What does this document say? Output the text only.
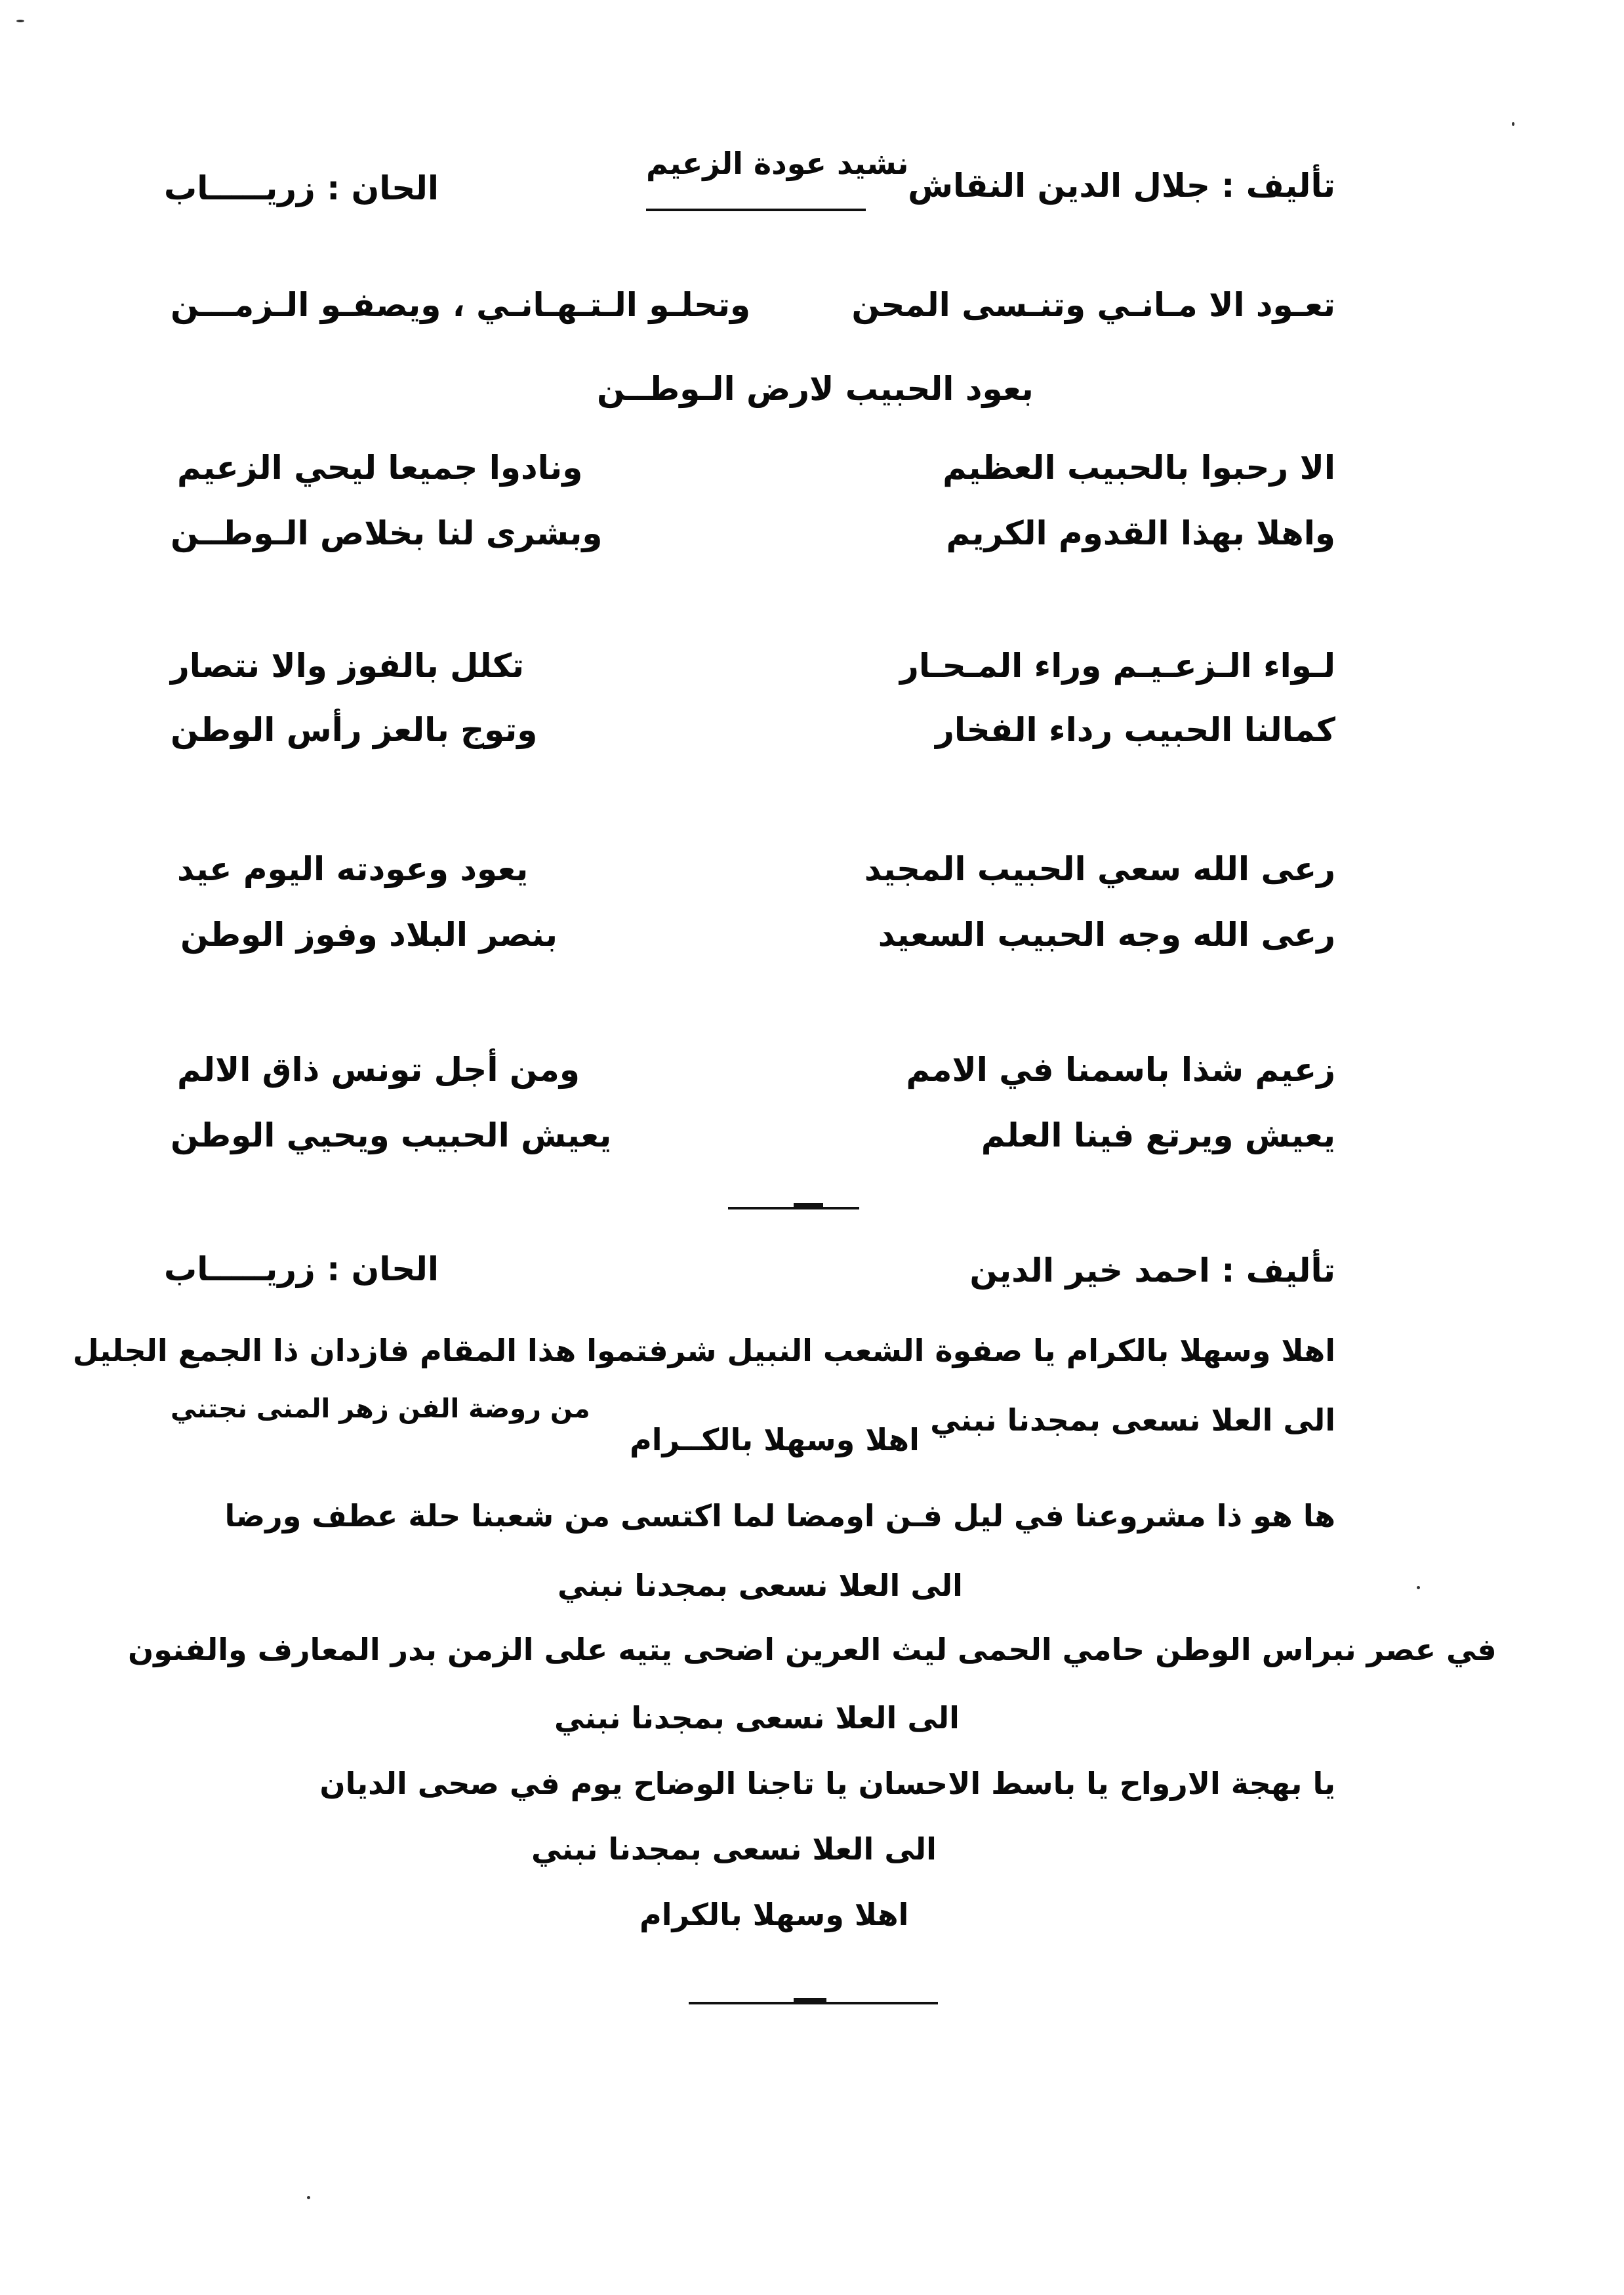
تأليف : جلال الدين النقاش
نشيد عودة الزعيم
الحان : زريـــــاب
تعـود الا مـانـي وتنـسى المحن
وتحلـو الـتـهـانـي ، ويصفـو الـزمـــن
بعود الحبيب لارض الـوطــن
الا رحبوا بالحبيب العظيم
ونادوا جميعا ليحي الزعيم
واهلا بهذا القدوم الكريم
وبشرى لنا بخلاص الـوطــن
لـواء الـزعـيـم وراء المـحـار
تكلل بالفوز والا نتصار
كمالنا الحبيب رداء الفخار
وتوج بالعز رأس الوطن
رعى الله سعي الحبيب المجيد
يعود وعودته اليوم عيد
رعى الله وجه الحبيب السعيد
بنصر البلاد وفوز الوطن
زعيم شذا باسمنا في الامم
ومن أجل تونس ذاق الالم
يعيش ويرتع فينا العلم
يعيش الحبيب ويحيي الوطن
تأليف : احمد خير الدين
الحان : زريـــــاب
اهلا وسهلا بالكرام يا صفوة الشعب النبيل شرفتموا هذا المقام فازدان ذا الجمع الجليل
الى العلا نسعى بمجدنا نبني
اهلا وسهلا بالكــرام
من روضة الفن زهر المنى نجتني
ها هو ذا مشروعنا في ليل فـن اومضا لما اكتسى من شعبنا حلة عطف ورضا
الى العلا نسعى بمجدنا نبني
في عصر نبراس الوطن حامي الحمى ليث العرين اضحى يتيه على الزمن بدر المعارف والفنون
الى العلا نسعى بمجدنا نبني
يا بهجة الارواح يا باسط الاحسان يا تاجنا الوضاح يوم في صحى الديان
الى العلا نسعى بمجدنا نبني
اهلا وسهلا بالكرام
